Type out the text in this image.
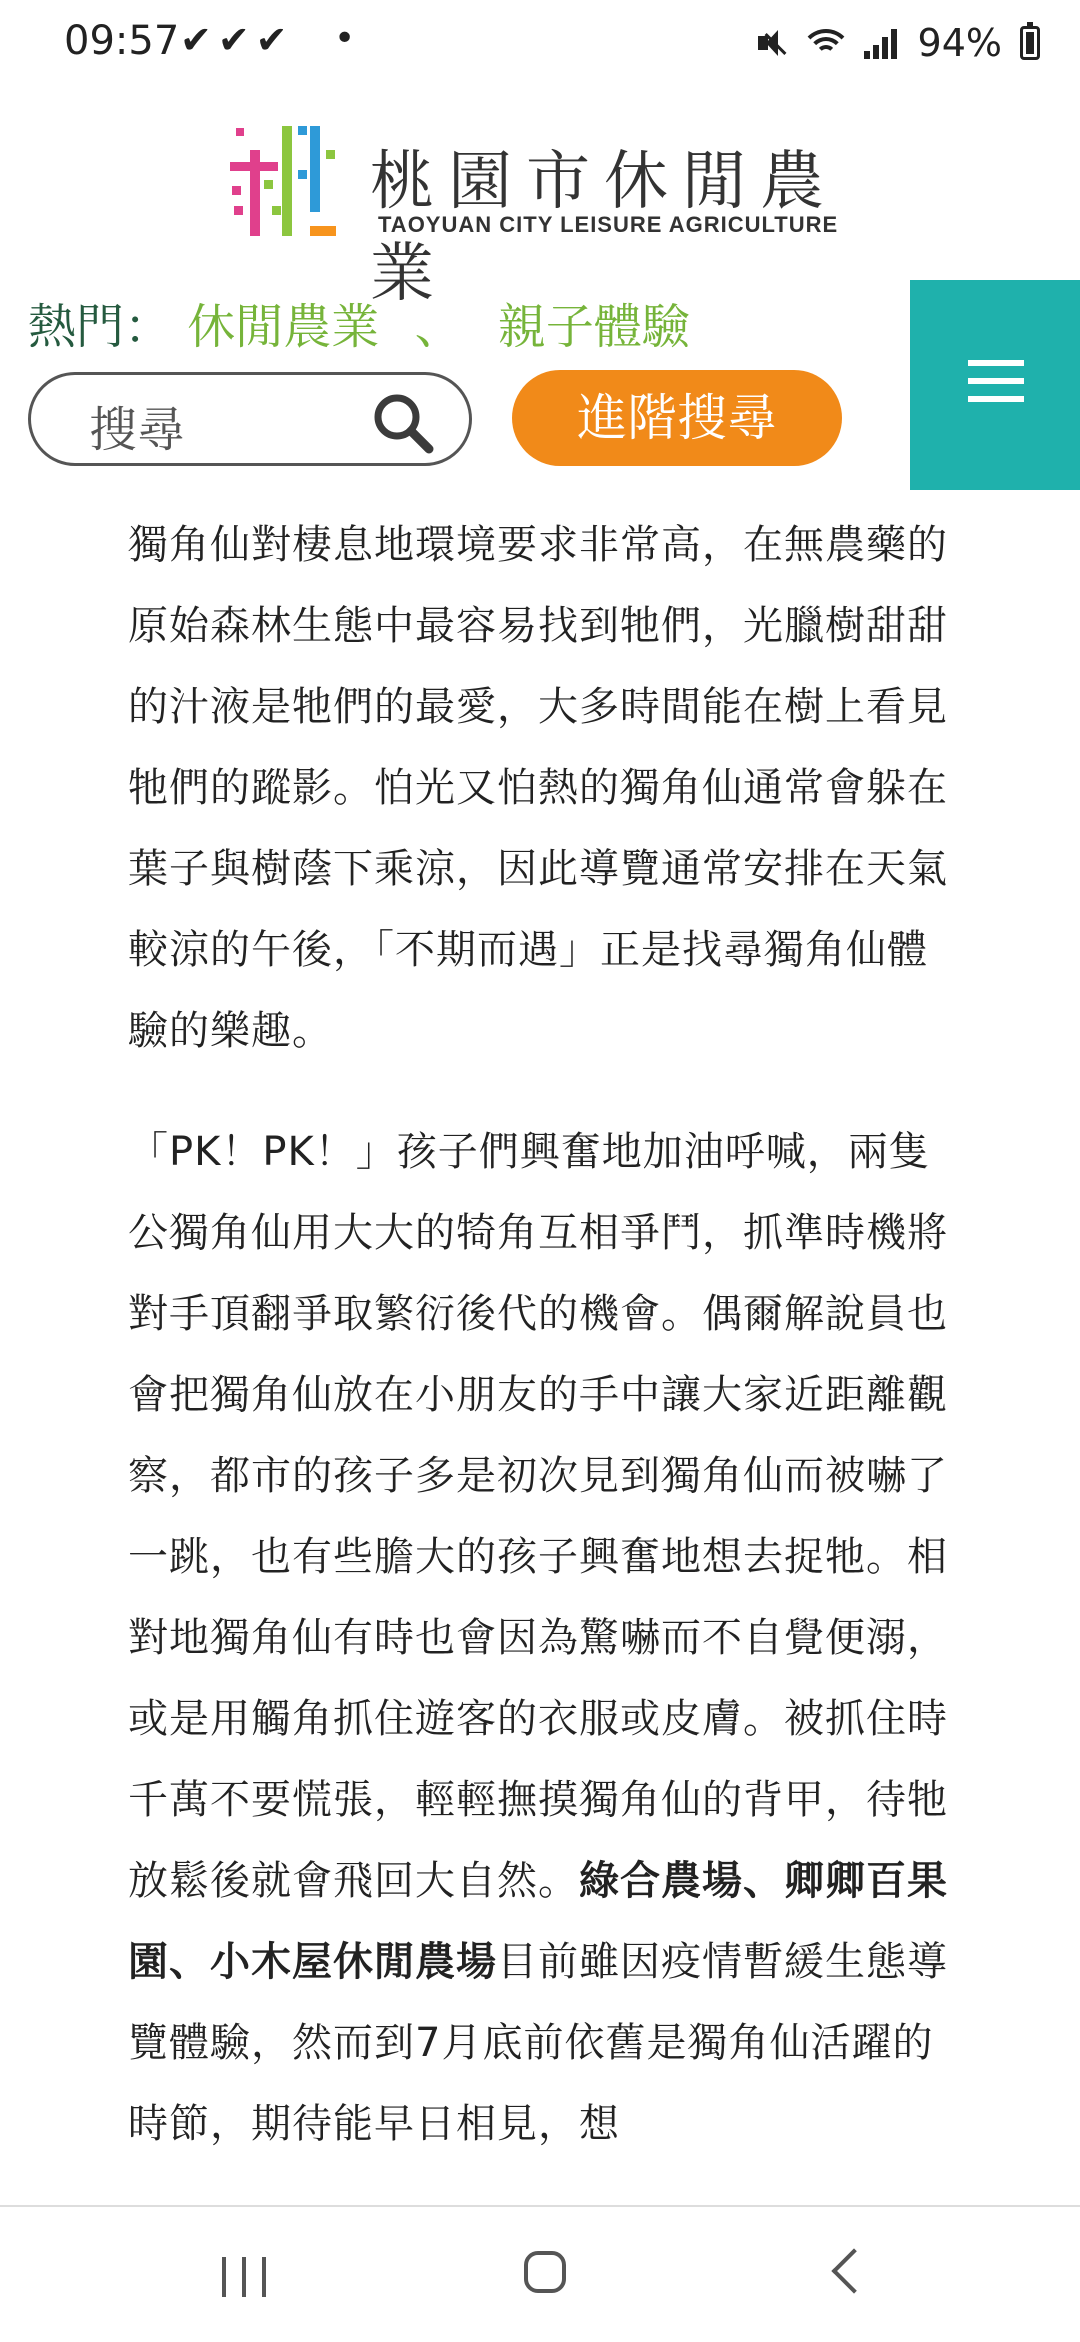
09:57 ✔✔✔ •	94%
桃園市休閒農業
TAOYUAN CITY LEISURE AGRICULTURE
熱門： 休閒農業 、 親子體驗
搜尋	進階搜尋

獨角仙對棲息地環境要求非常高，在無農藥的原始森林生態中最容易找到牠們，光臘樹甜甜的汁液是牠們的最愛，大多時間能在樹上看見牠們的蹤影。怕光又怕熱的獨角仙通常會躲在葉子與樹蔭下乘涼，因此導覽通常安排在天氣較涼的午後，「不期而遇」正是找尋獨角仙體驗的樂趣。

「PK！PK！」孩子們興奮地加油呼喊，兩隻公獨角仙用大大的犄角互相爭鬥，抓準時機將對手頂翻爭取繁衍後代的機會。偶爾解說員也會把獨角仙放在小朋友的手中讓大家近距離觀察，都市的孩子多是初次見到獨角仙而被嚇了一跳，也有些膽大的孩子興奮地想去捉牠。相對地獨角仙有時也會因為驚嚇而不自覺便溺，或是用觸角抓住遊客的衣服或皮膚。被抓住時千萬不要慌張，輕輕撫摸獨角仙的背甲，待牠放鬆後就會飛回大自然。綠合農場、卿卿百果園、小木屋休閒農場目前雖因疫情暫緩生態導覽體驗，然而到7月底前依舊是獨角仙活躍的時節，期待能早日相見，想
